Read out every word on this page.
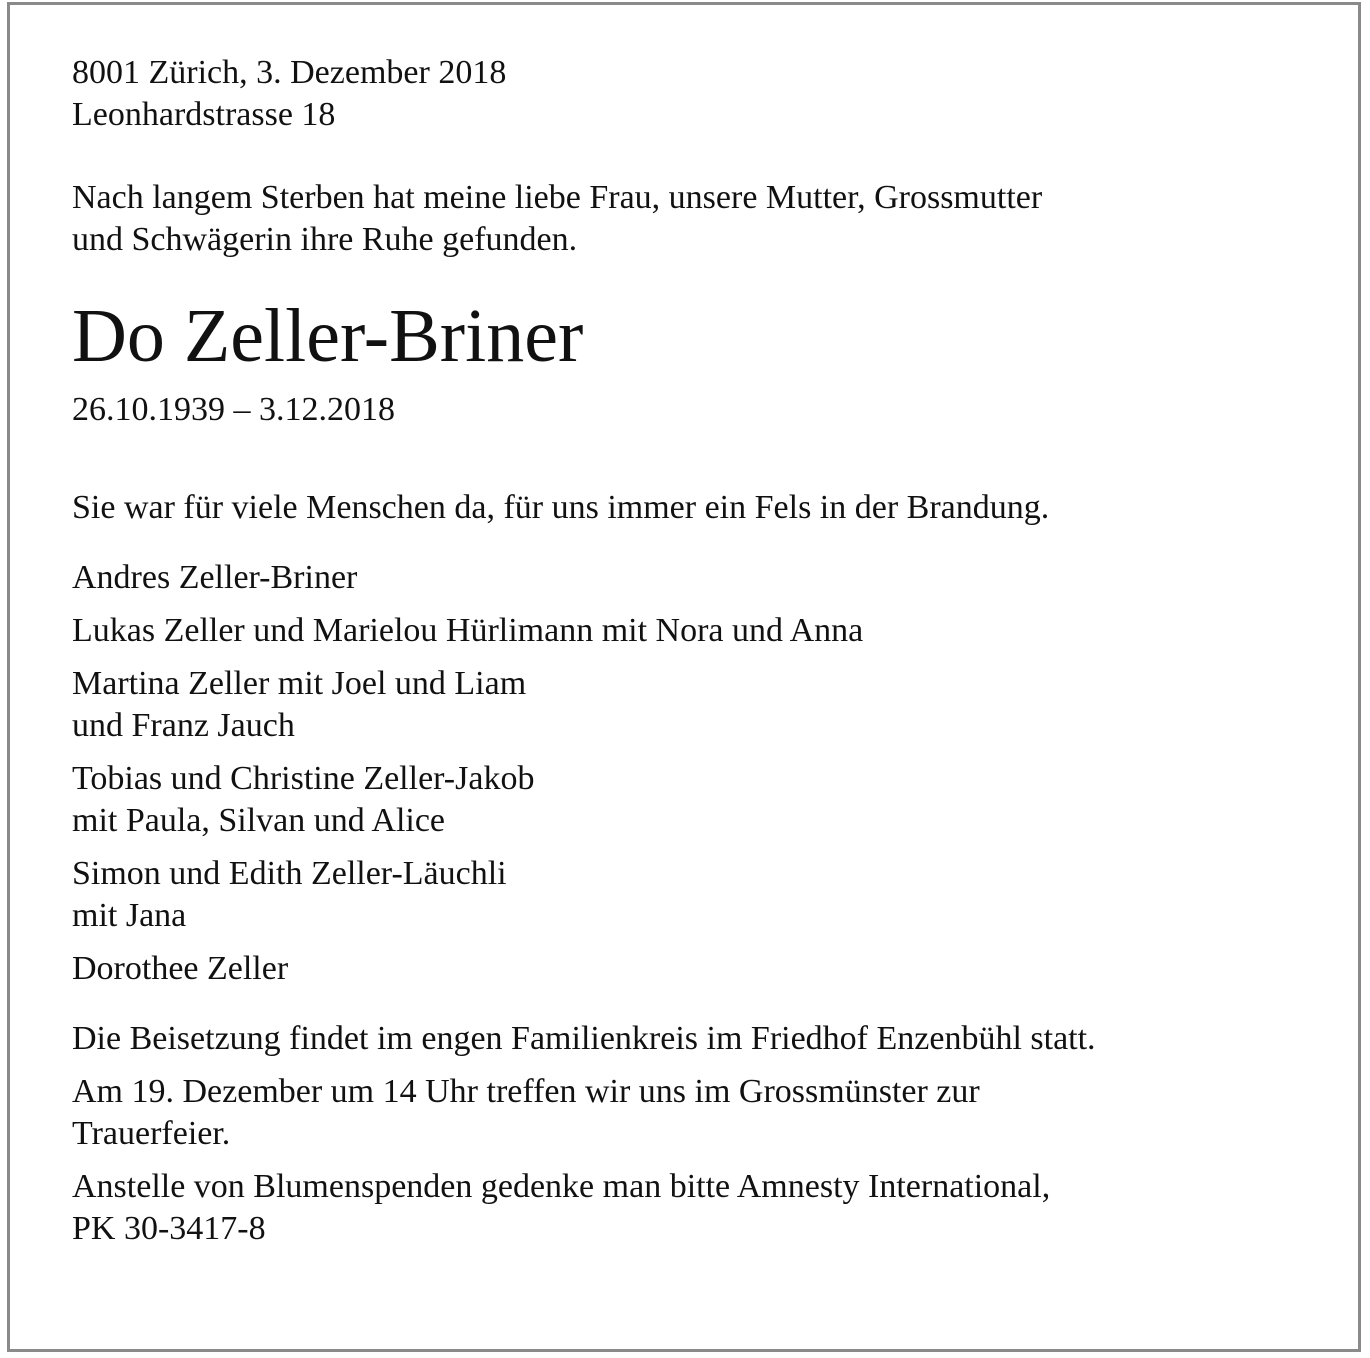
8001 Zürich, 3. Dezember 2018
Leonhardstrasse 18

Nach langem Sterben hat meine liebe Frau, unsere Mutter, Grossmutter
und Schwägerin ihre Ruhe gefunden.

Do Zeller-Briner

26.10.1939 – 3.12.2018

Sie war für viele Menschen da, für uns immer ein Fels in der Brandung.

Andres Zeller-Briner
Lukas Zeller und Marielou Hürlimann mit Nora und Anna
Martina Zeller mit Joel und Liam
und Franz Jauch
Tobias und Christine Zeller-Jakob
mit Paula, Silvan und Alice
Simon und Edith Zeller-Läuchli
mit Jana
Dorothee Zeller

Die Beisetzung findet im engen Familienkreis im Friedhof Enzenbühl statt.

Am 19. Dezember um 14 Uhr treffen wir uns im Grossmünster zur
Trauerfeier.

Anstelle von Blumenspenden gedenke man bitte Amnesty International,
PK 30-3417-8
